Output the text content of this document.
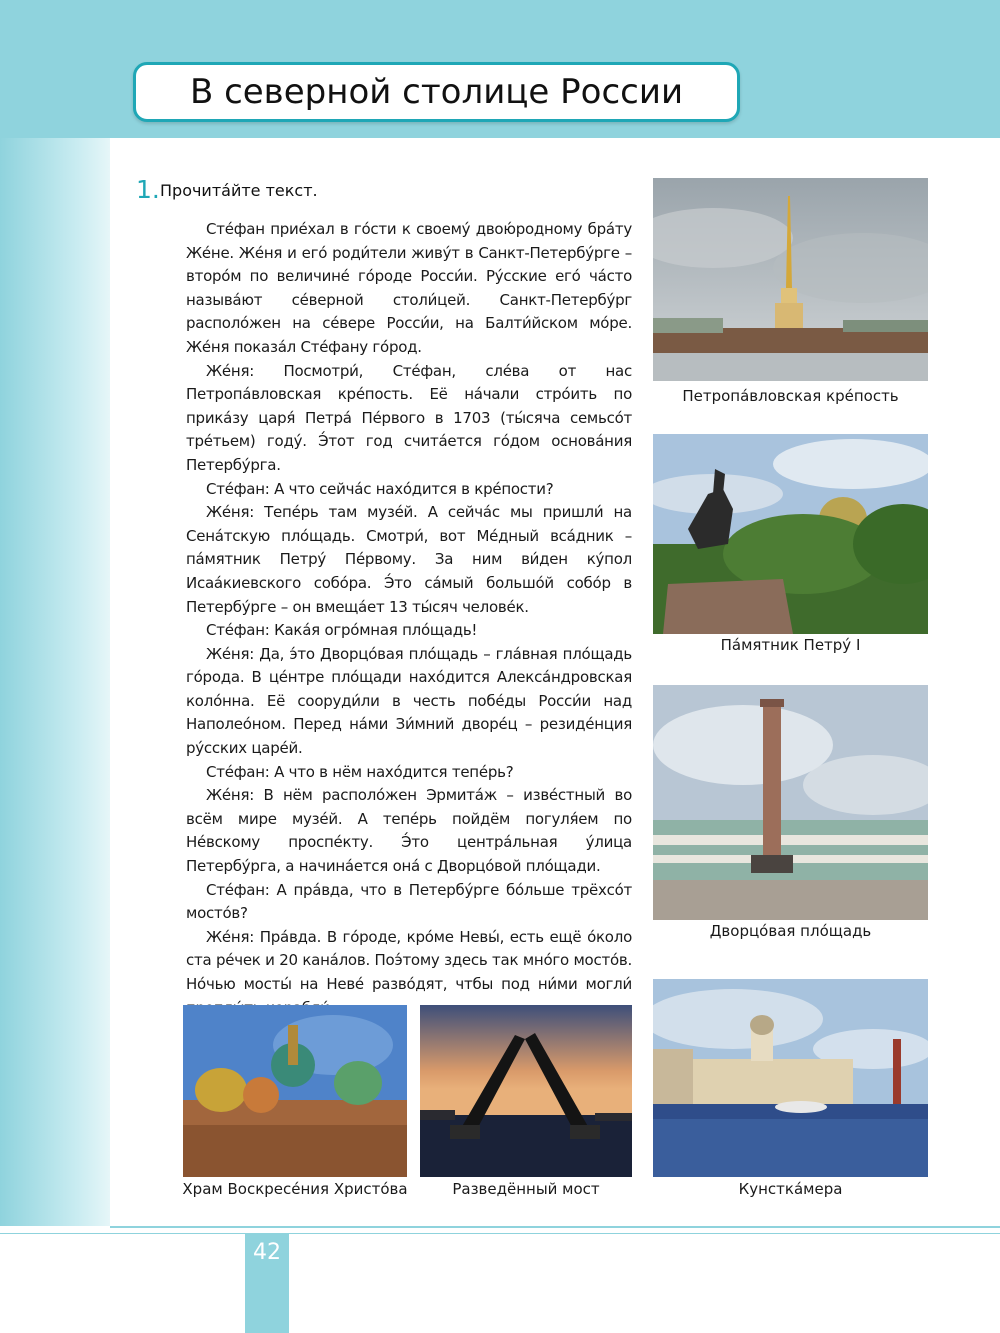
В северной столице России
1. Прочита́йте текст.

Сте́фан прие́хал в го́сти к своему́ двою́родному бра́ту Же́не. Же́ня и его́ роди́тели живу́т в Санкт-Петербу́рге – второ́м по величине́ го́роде Росси́и. Ру́сские его́ ча́сто называ́ют се́верной столи́цей. Санкт-Петербу́рг располо́жен на се́вере Росси́и, на Балти́йском мо́ре. Же́ня показа́л Сте́фану го́род.

Же́ня: Посмотри́, Сте́фан, сле́ва от нас Петропа́вловская кре́пость. Её на́чали стро́ить по прика́зу царя́ Петра́ Пе́рвого в 1703 (ты́сяча семьсо́т тре́тьем) году́. Э́тот год счита́ется го́дом основа́ния Петербу́рга.

Сте́фан: А что сейча́с нахо́дится в кре́пости?

Же́ня: Тепе́рь там музе́й. А сейча́с мы пришли́ на Сена́тскую пло́щадь. Смотри́, вот Ме́дный вса́дник – па́мятник Петру́ Пе́рвому. За ним ви́ден ку́пол Исаа́киевского собо́ра. Э́то са́мый большо́й собо́р в Петербу́рге – он вмеща́ет 13 ты́сяч челове́к.

Сте́фан: Кака́я огро́мная пло́щадь!

Же́ня: Да, э́то Дворцо́вая пло́щадь – гла́вная пло́щадь го́рода. В це́нтре пло́щади нахо́дится Алекса́ндровская коло́нна. Её сооруди́ли в честь побе́ды Росси́и над Наполео́ном. Перед на́ми Зи́мний дворе́ц – резиде́нция ру́сских царе́й.

Сте́фан: А что в нём нахо́дится тепе́рь?

Же́ня: В нём располо́жен Эрмита́ж – изве́стный во всём мире музе́й. А тепе́рь пойдём погуля́ем по Не́вскому проспе́кту. Э́то центра́льная у́лица Петербу́рга, а начина́ется она́ с Дворцо́вой пло́щади.

Сте́фан: А пра́вда, что в Петербу́рге бо́льше трёхсо́т мосто́в?

Же́ня: Пра́вда. В го́роде, кро́ме Невы́, есть ещё о́коло ста ре́чек и 20 кана́лов. Поэ́тому здесь так мно́го мосто́в. Но́чью мосты́ на Неве́ разво́дят, чтбы под ни́ми могли́

Петропа́вловская кре́пость
Па́мятник Петру́ I
Дворцо́вая пло́щадь
Храм Воскресе́ния Христо́ва	Разведённый мост	Кунстка́мера
42
